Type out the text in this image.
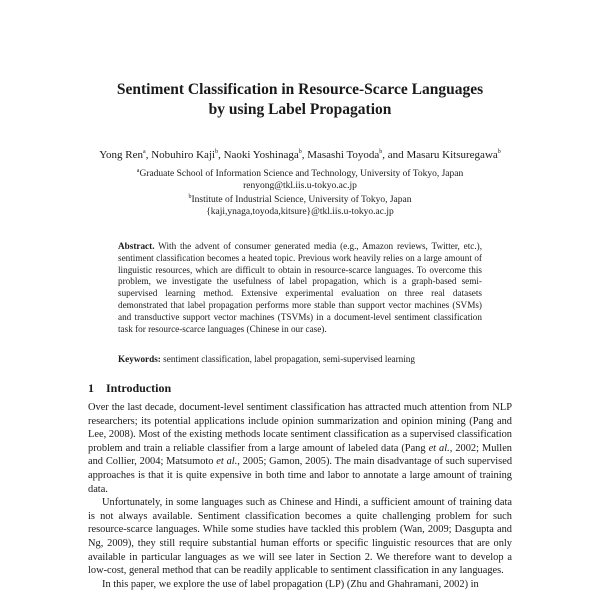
Sentiment Classification in Resource-Scarce Languages
by using Label Propagation
Yong Ren$^a$, Nobuhiro Kaji$^b$, Naoki Yoshinaga$^b$, Masashi Toyoda$^b$, and Masaru Kitsuregawa$^b$
$^a$Graduate School of Information Science and Technology, University of Tokyo, Japan
renyong@tkl.iis.u-tokyo.ac.jp
$^b$Institute of Industrial Science, University of Tokyo, Japan
{kaji,ynaga,toyoda,kitsure}@tkl.iis.u-tokyo.ac.jp
Abstract. With the advent of consumer generated media (e.g., Amazon reviews, Twitter, etc.), sentiment classification becomes a heated topic. Previous work heavily relies on a large amount of linguistic resources, which are difficult to obtain in resource-scarce languages. To overcome this problem, we investigate the usefulness of label propagation, which is a graph-based semi-supervised learning method. Extensive experimental evaluation on three real datasets demonstrated that label propagation performs more stable than support vector machines (SVMs) and transductive support vector machines (TSVMs) in a document-level sentiment classification task for resource-scarce languages (Chinese in our case).
Keywords: sentiment classification, label propagation, semi-supervised learning
1 Introduction

Over the last decade, document-level sentiment classification has attracted much attention from NLP researchers; its potential applications include opinion summarization and opinion mining (Pang and Lee, 2008). Most of the existing methods locate sentiment classification as a supervised classification problem and train a reliable classifier from a large amount of labeled data (Pang et al., 2002; Mullen and Collier, 2004; Matsumoto et al., 2005; Gamon, 2005). The main disadvantage of such supervised approaches is that it is quite expensive in both time and labor to annotate a large amount of training data.

Unfortunately, in some languages such as Chinese and Hindi, a sufficient amount of training data is not always available. Sentiment classification becomes a quite challenging problem for such resource-scarce languages. While some studies have tackled this problem (Wan, 2009; Dasgupta and Ng, 2009), they still require substantial human efforts or specific linguistic resources that are only available in particular languages as we will see later in Section 2. We therefore want to develop a low-cost, general method that can be readily applicable to sentiment classification in any languages.

In this paper, we explore the use of label propagation (LP) (Zhu and Ghahramani, 2002) in
